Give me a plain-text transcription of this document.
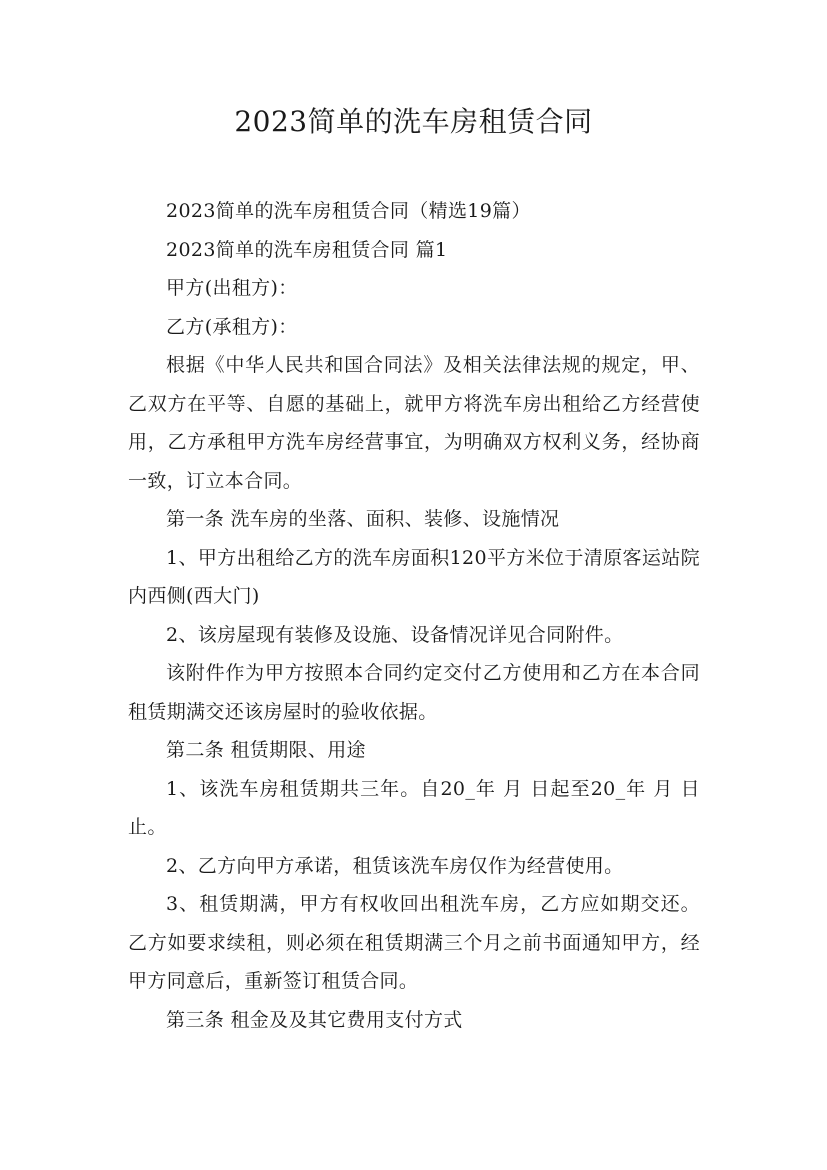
2023简单的洗车房租赁合同

2023简单的洗车房租赁合同（精选19篇）

2023简单的洗车房租赁合同 篇1

甲方(出租方)：

乙方(承租方)：

根据《中华人民共和国合同法》及相关法律法规的规定，甲、乙双方在平等、自愿的基础上，就甲方将洗车房出租给乙方经营使用，乙方承租甲方洗车房经营事宜，为明确双方权利义务，经协商一致，订立本合同。

第一条 洗车房的坐落、面积、装修、设施情况

1、甲方出租给乙方的洗车房面积120平方米位于清原客运站院内西侧(西大门)

2、该房屋现有装修及设施、设备情况详见合同附件。

该附件作为甲方按照本合同约定交付乙方使用和乙方在本合同租赁期满交还该房屋时的验收依据。

第二条 租赁期限、用途

1、该洗车房租赁期共三年。自20_年 月 日起至20_年 月 日止。

2、乙方向甲方承诺，租赁该洗车房仅作为经营使用。

3、租赁期满，甲方有权收回出租洗车房，乙方应如期交还。乙方如要求续租，则必须在租赁期满三个月之前书面通知甲方，经甲方同意后，重新签订租赁合同。

第三条 租金及及其它费用支付方式
